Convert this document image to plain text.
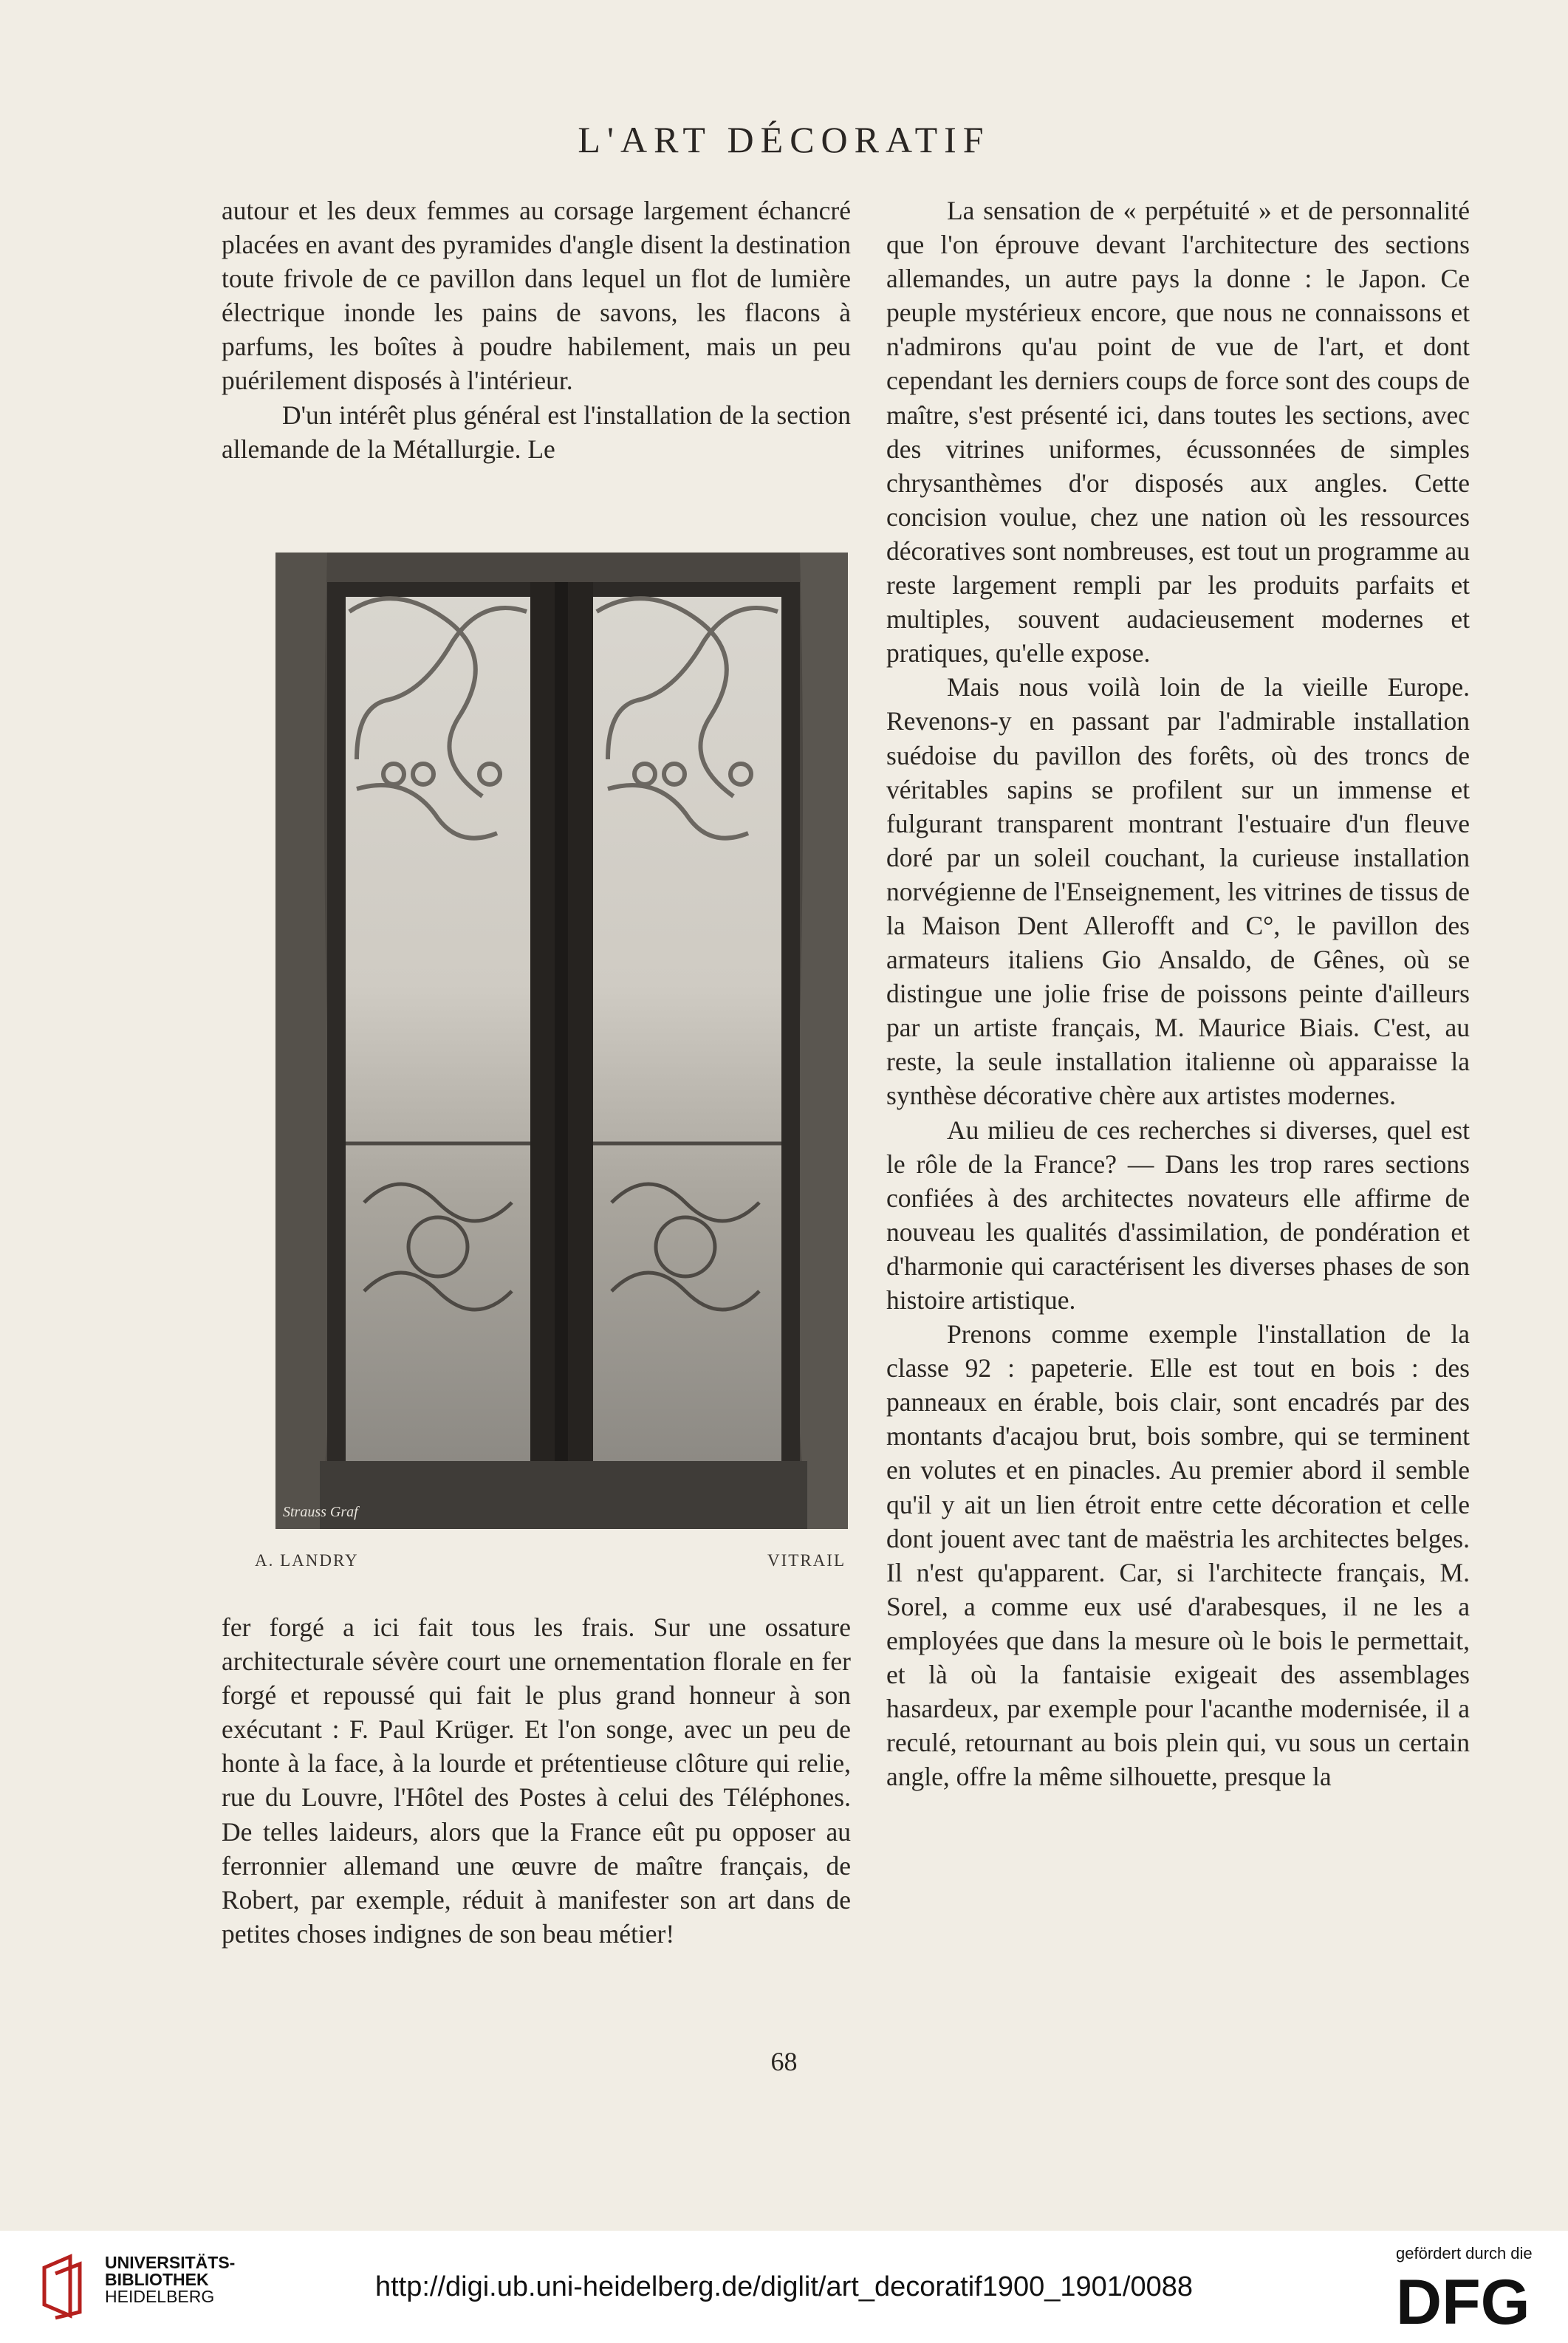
L'ART DÉCORATIF

autour et les deux femmes au corsage largement échancré placées en avant des pyramides d'angle disent la destination toute frivole de ce pavillon dans lequel un flot de lumière électrique inonde les pains de savons, les flacons à parfums, les boîtes à poudre habilement, mais un peu puérilement disposés à l'intérieur.

D'un intérêt plus général est l'installation de la section allemande de la Métallurgie. Le

Strauss Graf
A. LANDRY	VITRAIL

fer forgé a ici fait tous les frais. Sur une ossature architecturale sévère court une ornementation florale en fer forgé et repoussé qui fait le plus grand honneur à son exécutant : F. Paul Krüger. Et l'on songe, avec un peu de honte à la face, à la lourde et prétentieuse clôture qui relie, rue du Louvre, l'Hôtel des Postes à celui des Téléphones. De telles laideurs, alors que la France eût pu opposer au ferronnier allemand une œuvre de maître français, de Robert, par exemple, réduit à manifester son art dans de petites choses indignes de son beau métier!

La sensation de « perpétuité » et de personnalité que l'on éprouve devant l'architecture des sections allemandes, un autre pays la donne : le Japon. Ce peuple mystérieux encore, que nous ne connaissons et n'admirons qu'au point de vue de l'art, et dont cependant les derniers coups de force sont des coups de maître, s'est présenté ici, dans toutes les sections, avec des vitrines uniformes, écussonnées de simples chrysanthèmes d'or disposés aux angles. Cette concision voulue, chez une nation où les ressources décoratives sont nombreuses, est tout un programme au reste largement rempli par les produits parfaits et multiples, souvent audacieusement modernes et pratiques, qu'elle expose.

Mais nous voilà loin de la vieille Europe. Revenons-y en passant par l'admirable installation suédoise du pavillon des forêts, où des troncs de véritables sapins se profilent sur un immense et fulgurant transparent montrant l'estuaire d'un fleuve doré par un soleil couchant, la curieuse installation norvégienne de l'Enseignement, les vitrines de tissus de la Maison Dent Allerofft and C°, le pavillon des armateurs italiens Gio Ansaldo, de Gênes, où se distingue une jolie frise de poissons peinte d'ailleurs par un artiste français, M. Maurice Biais. C'est, au reste, la seule installation italienne où apparaisse la synthèse décorative chère aux artistes modernes.

Au milieu de ces recherches si diverses, quel est le rôle de la France? — Dans les trop rares sections confiées à des architectes novateurs elle affirme de nouveau les qualités d'assimilation, de pondération et d'harmonie qui caractérisent les diverses phases de son histoire artistique.

Prenons comme exemple l'installation de la classe 92 : papeterie. Elle est tout en bois : des panneaux en érable, bois clair, sont encadrés par des montants d'acajou brut, bois sombre, qui se terminent en volutes et en pinacles. Au premier abord il semble qu'il y ait un lien étroit entre cette décoration et celle dont jouent avec tant de maëstria les architectes belges. Il n'est qu'apparent. Car, si l'architecte français, M. Sorel, a comme eux usé d'arabesques, il ne les a employées que dans la mesure où le bois le permettait, et là où la fantaisie exigeait des assemblages hasardeux, par exemple pour l'acanthe modernisée, il a reculé, retournant au bois plein qui, vu sous un certain angle, offre la même silhouette, presque la

68
UNIVERSITÄTS-
BIBLIOTHEK
HEIDELBERG	http://digi.ub.uni-heidelberg.de/diglit/art_decoratif1900_1901/0088
gefördert durch die
DFG
